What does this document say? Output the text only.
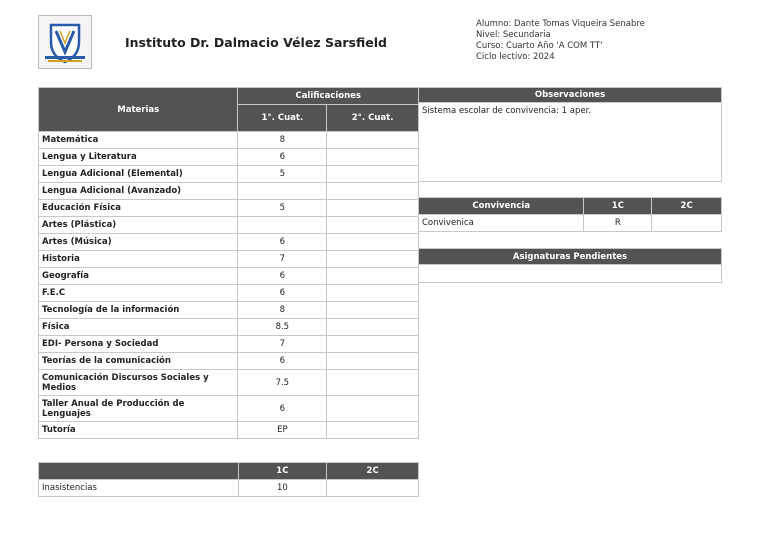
Instituto Dr. Dalmacio Vélez Sarsfield
Alumno: Dante Tomas Viqueira Senabre
Nivel: Secundaria
Curso: Cuarto Año 'A COM TT'
Ciclo lectivo: 2024
Materias	Calificaciones	
	1°. Cuat.	2°. Cuat.
Matemática	8	
Lengua y Literatura	6	
Lengua Adicional (Elemental)	5	
Lengua Adicional (Avanzado)		
Educación Física	5	
Artes (Plástica)		
Artes (Música)	6	
Historia	7	
Geografía	6	
F.E.C	6	
Tecnología de la información	8	
Física	8.5	
EDI- Persona y Sociedad	7	
Teorías de la comunicación	6	
Comunicación Discursos Sociales y Medios	7.5	
Taller Anual de Producción de Lenguajes	6	
Tutoría	EP	
Observaciones
Sistema escolar de convivencia: 1 aper.
Convivencia	1C	2C
Convivenica	R	
Asignaturas Pendientes

	1C	2C
Inasistencias	10	
